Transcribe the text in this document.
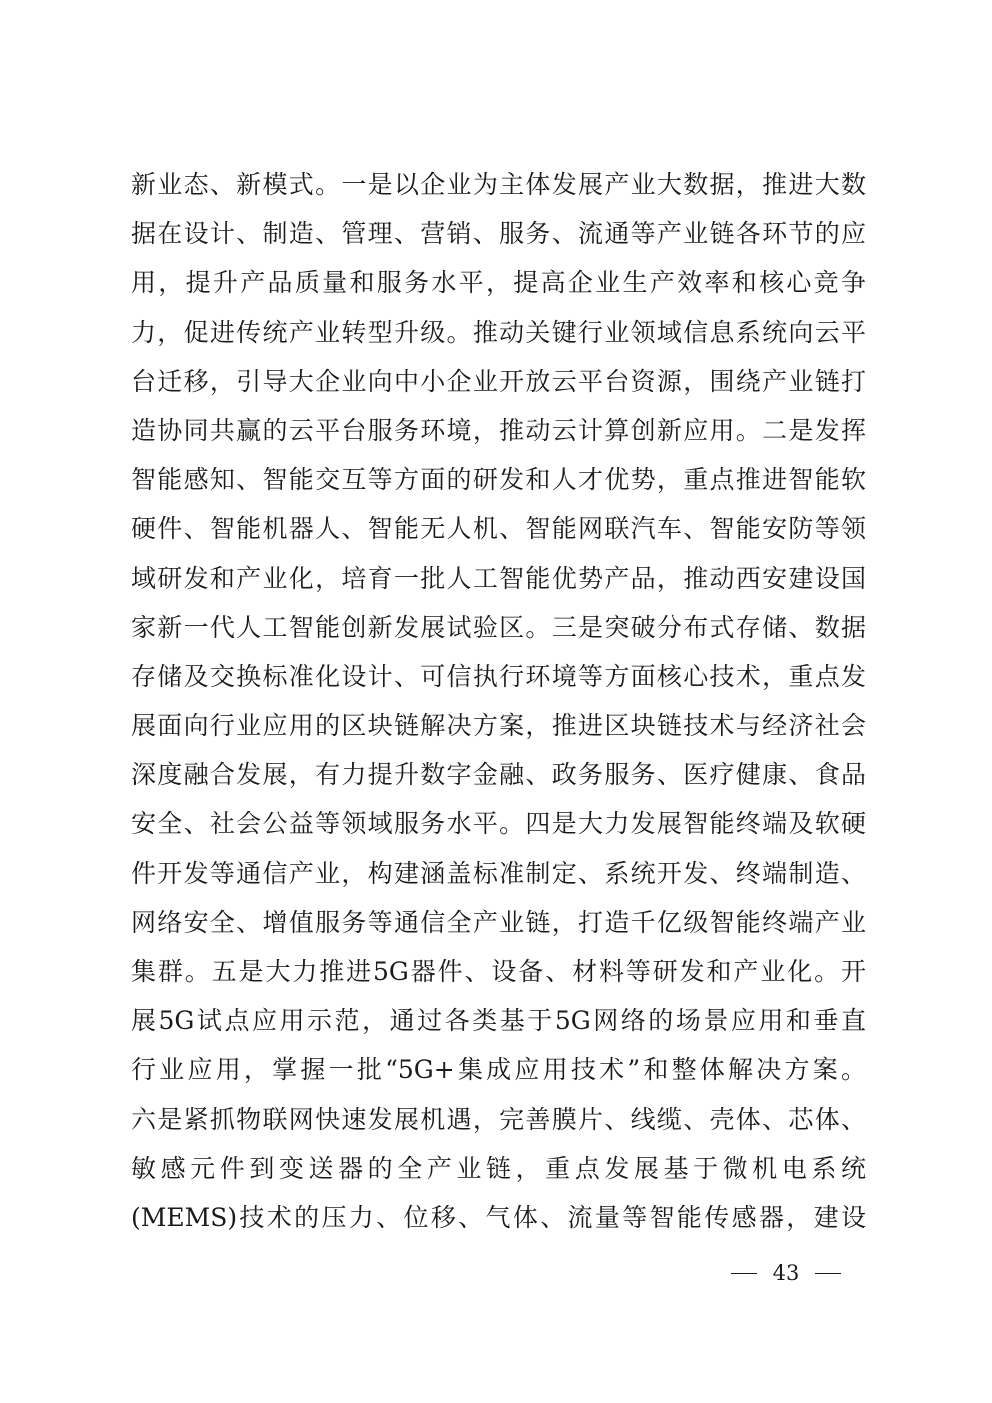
新业态、新模式。一是以企业为主体发展产业大数据，推进大数
据在设计、制造、管理、营销、服务、流通等产业链各环节的应
用，提升产品质量和服务水平，提高企业生产效率和核心竞争
力，促进传统产业转型升级。推动关键行业领域信息系统向云平
台迁移，引导大企业向中小企业开放云平台资源，围绕产业链打
造协同共赢的云平台服务环境，推动云计算创新应用。二是发挥
智能感知、智能交互等方面的研发和人才优势，重点推进智能软
硬件、智能机器人、智能无人机、智能网联汽车、智能安防等领
域研发和产业化，培育一批人工智能优势产品，推动西安建设国
家新一代人工智能创新发展试验区。三是突破分布式存储、数据
存储及交换标准化设计、可信执行环境等方面核心技术，重点发
展面向行业应用的区块链解决方案，推进区块链技术与经济社会
深度融合发展，有力提升数字金融、政务服务、医疗健康、食品
安全、社会公益等领域服务水平。四是大力发展智能终端及软硬
件开发等通信产业，构建涵盖标准制定、系统开发、终端制造、
网络安全、增值服务等通信全产业链，打造千亿级智能终端产业
集群。五是大力推进5G器件、设备、材料等研发和产业化。开
展5G试点应用示范，通过各类基于5G网络的场景应用和垂直
行业应用，掌握一批“5G+集成应用技术”和整体解决方案。
六是紧抓物联网快速发展机遇，完善膜片、线缆、壳体、芯体、
敏感元件到变送器的全产业链，重点发展基于微机电系统
(MEMS)技术的压力、位移、气体、流量等智能传感器，建设
43
